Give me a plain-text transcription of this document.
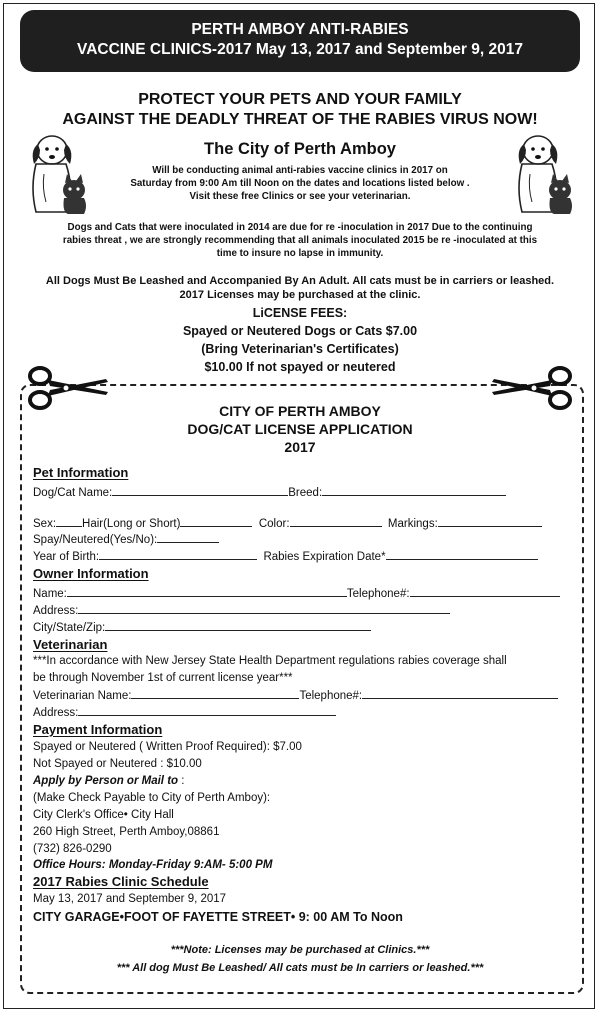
PERTH AMBOY ANTI-RABIES
VACCINE CLINICS-2017 May 13, 2017 and September 9, 2017
PROTECT YOUR PETS AND YOUR FAMILY
AGAINST THE DEADLY THREAT OF THE RABIES VIRUS NOW!
The City of Perth Amboy
Will be conducting animal anti-rabies vaccine clinics in 2017 on
Saturday from 9:00 Am till Noon on the dates and locations listed below .
Visit these free Clinics or see your veterinarian.
Dogs and Cats that were inoculated in 2014 are due for re -inoculation in 2017 Due to the continuing
rabies threat , we are strongly recommending that all animals inoculated 2015 be re -inoculated at this
time to insure no lapse in immunity.
All Dogs Must Be Leashed and Accompanied By An Adult. All cats must be in carriers or leashed.
2017 Licenses may be purchased at the clinic.
LiCENSE FEES:
Spayed or Neutered Dogs or Cats $7.00
(Bring Veterinarian's Certificates)
$10.00 If not spayed or neutered
CITY OF PERTH AMBOY
DOG/CAT LICENSE APPLICATION
2017
Pet Information
Dog/Cat Name:	Breed:
Sex: Hair(Long or Short)	Color:	Markings:
Spay/Neutered(Yes/No):
Year of Birth:	Rabies Expiration Date*
Owner Information
Name:	Telephone#:
Address:
City/State/Zip:
Veterinarian
***In accordance with New Jersey State Health Department regulations rabies coverage shall
be through November 1st of current license year***
Veterinarian Name:	Telephone#:
Address:
Payment Information
Spayed or Neutered ( Written Proof Required): $7.00
Not Spayed or Neutered : $10.00
Apply by Person or Mail to :
(Make Check Payable to City of Perth Amboy):
City Clerk's Office• City Hall
260 High Street, Perth Amboy,08861
(732) 826-0290
Office Hours: Monday-Friday 9:AM- 5:00 PM
2017 Rabies Clinic Schedule
May 13, 2017 and September 9, 2017
CITY GARAGE•FOOT OF FAYETTE STREET• 9: 00 AM To Noon
***Note: Licenses may be purchased at Clinics.***
*** All dog Must Be Leashed/ All cats must be In carriers or leashed.***
